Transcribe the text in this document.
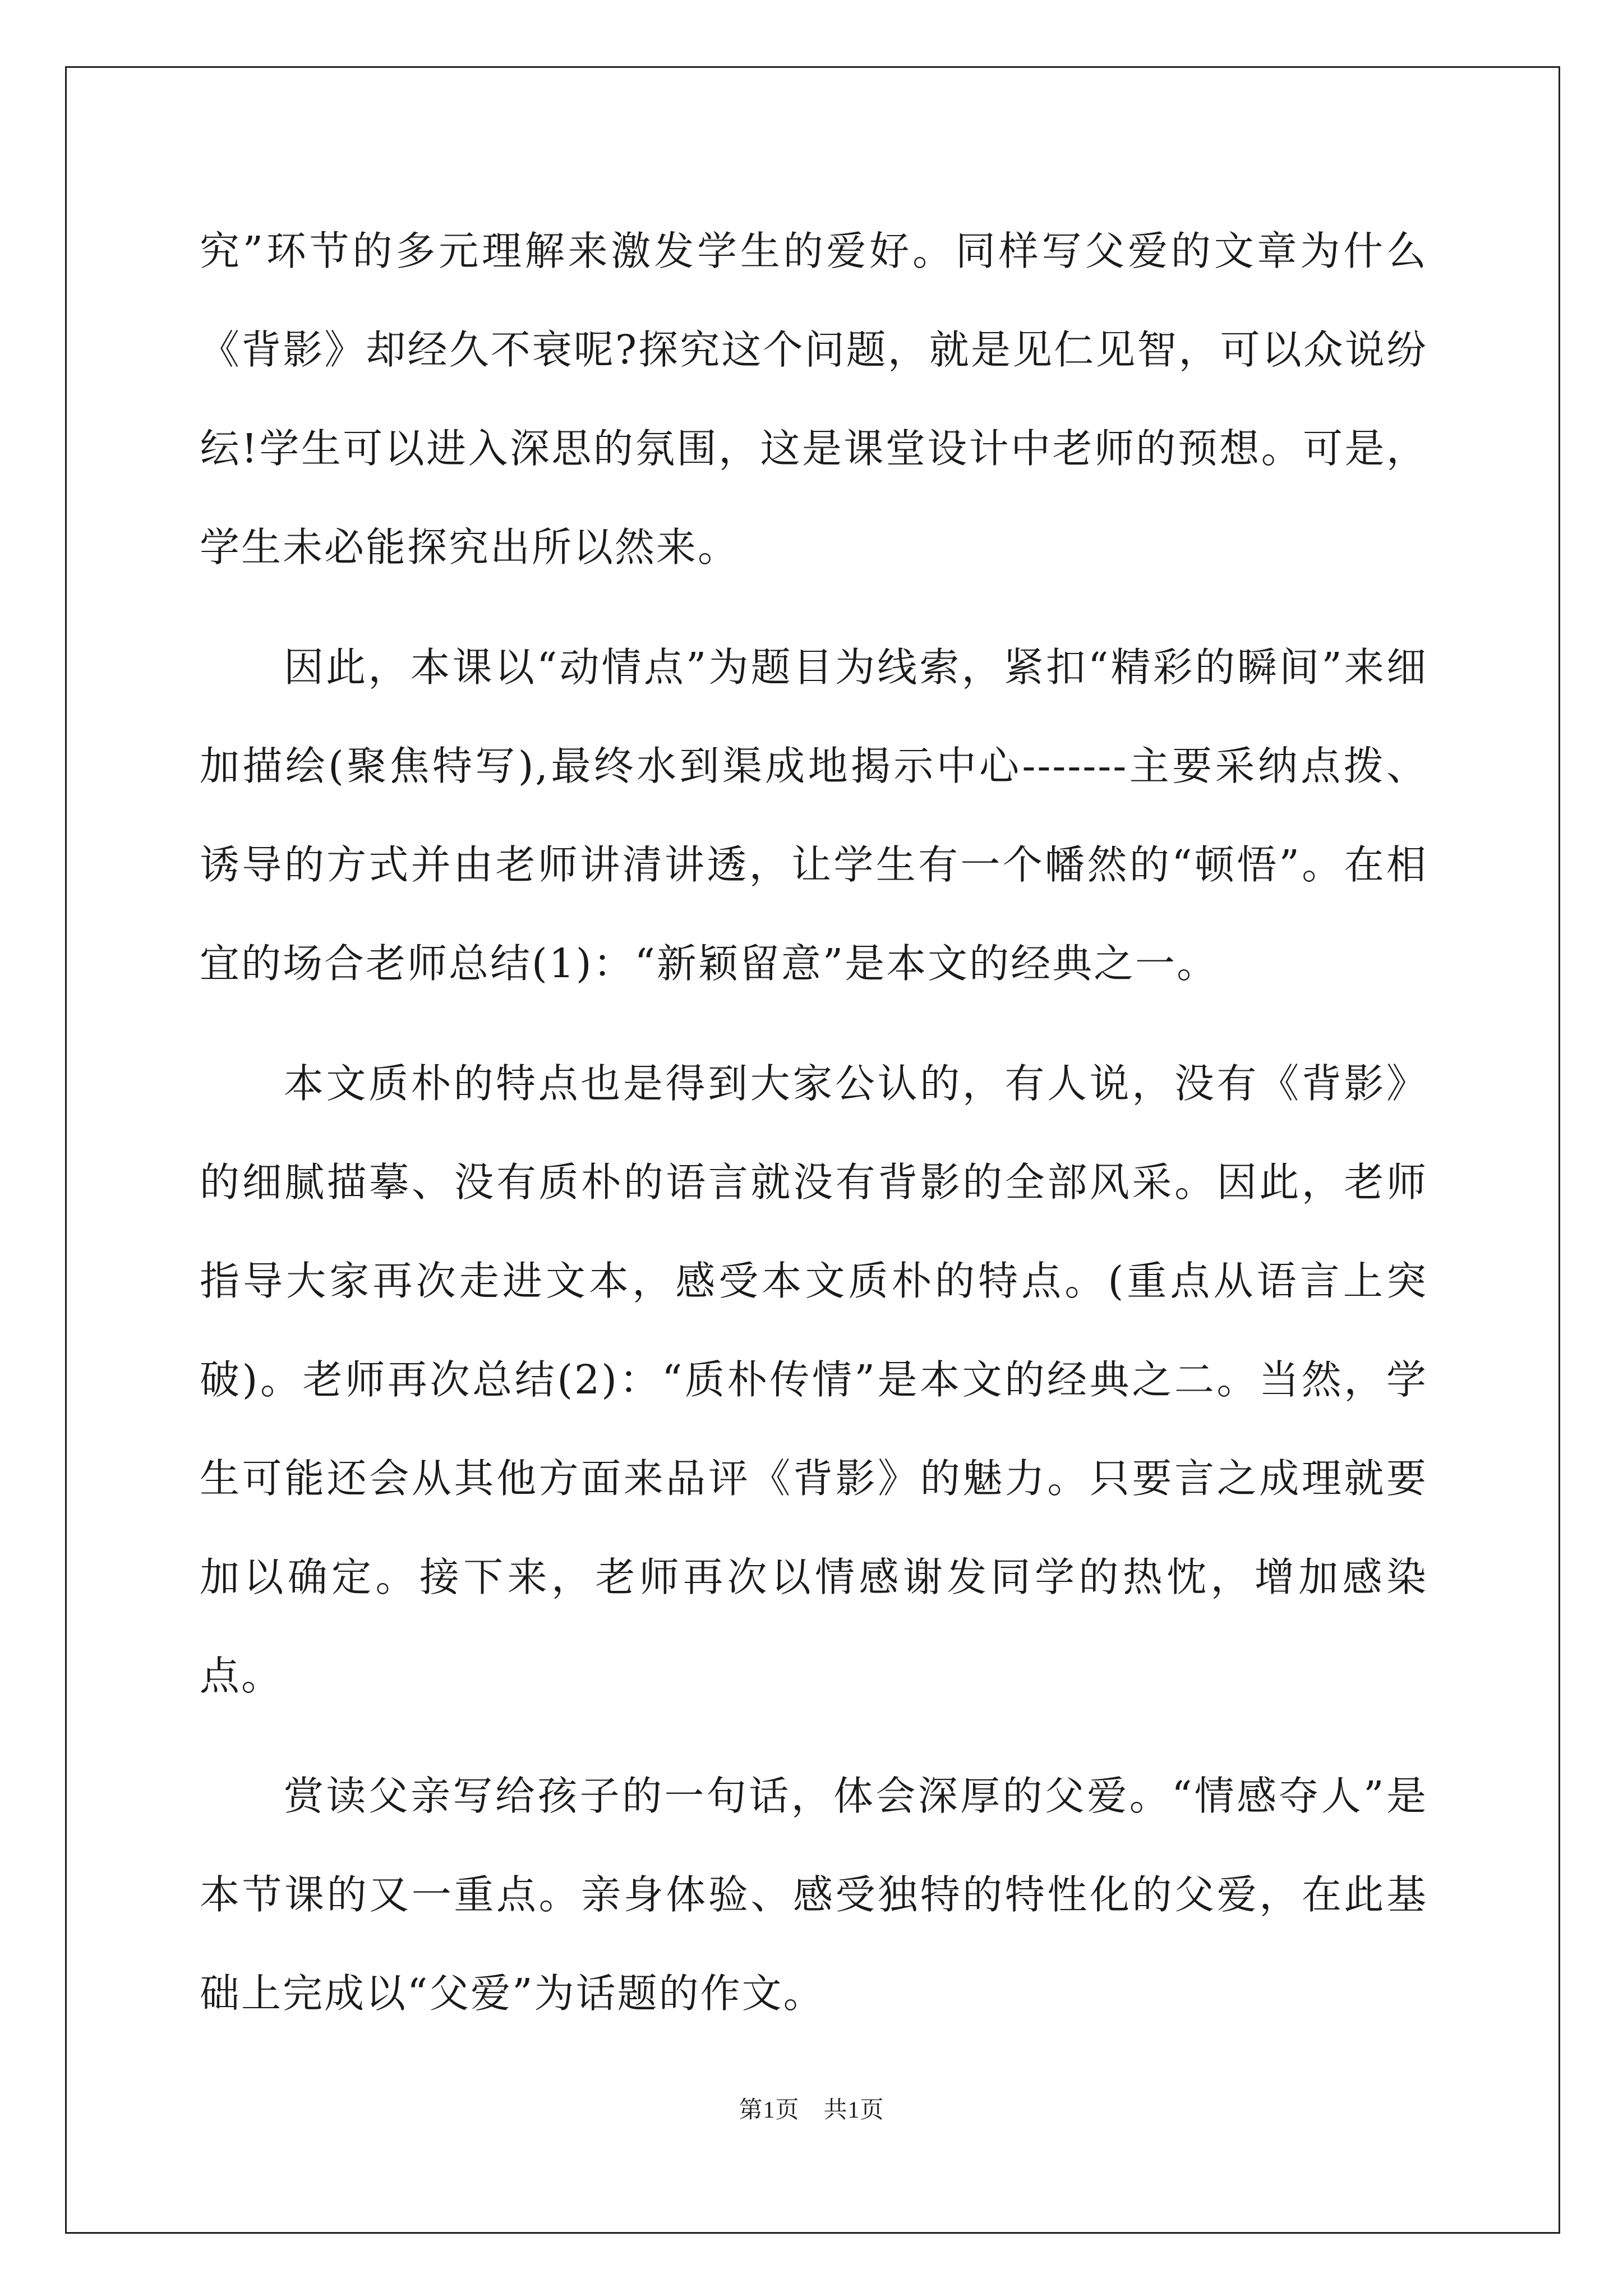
究”环节的多元理解来激发学生的爱好。同样写父爱的文章为什么《背影》却经久不衰呢?探究这个问题，就是见仁见智，可以众说纷纭!学生可以进入深思的氛围，这是课堂设计中老师的预想。可是，学生未必能探究出所以然来。

因此，本课以“动情点”为题目为线索，紧扣“精彩的瞬间”来细加描绘(聚焦特写),最终水到渠成地揭示中心-------主要采纳点拨、诱导的方式并由老师讲清讲透，让学生有一个幡然的“顿悟”。在相宜的场合老师总结(1)：“新颖留意”是本文的经典之一。

本文质朴的特点也是得到大家公认的，有人说，没有《背影》的细腻描摹、没有质朴的语言就没有背影的全部风采。因此，老师指导大家再次走进文本，感受本文质朴的特点。(重点从语言上突破)。老师再次总结(2)：“质朴传情”是本文的经典之二。当然，学生可能还会从其他方面来品评《背影》的魅力。只要言之成理就要加以确定。接下来，老师再次以情感谢发同学的热忱，增加感染点。

赏读父亲写给孩子的一句话，体会深厚的父爱。“情感夺人”是本节课的又一重点。亲身体验、感受独特的特性化的父爱，在此基础上完成以“父爱”为话题的作文。

第1页　共1页
